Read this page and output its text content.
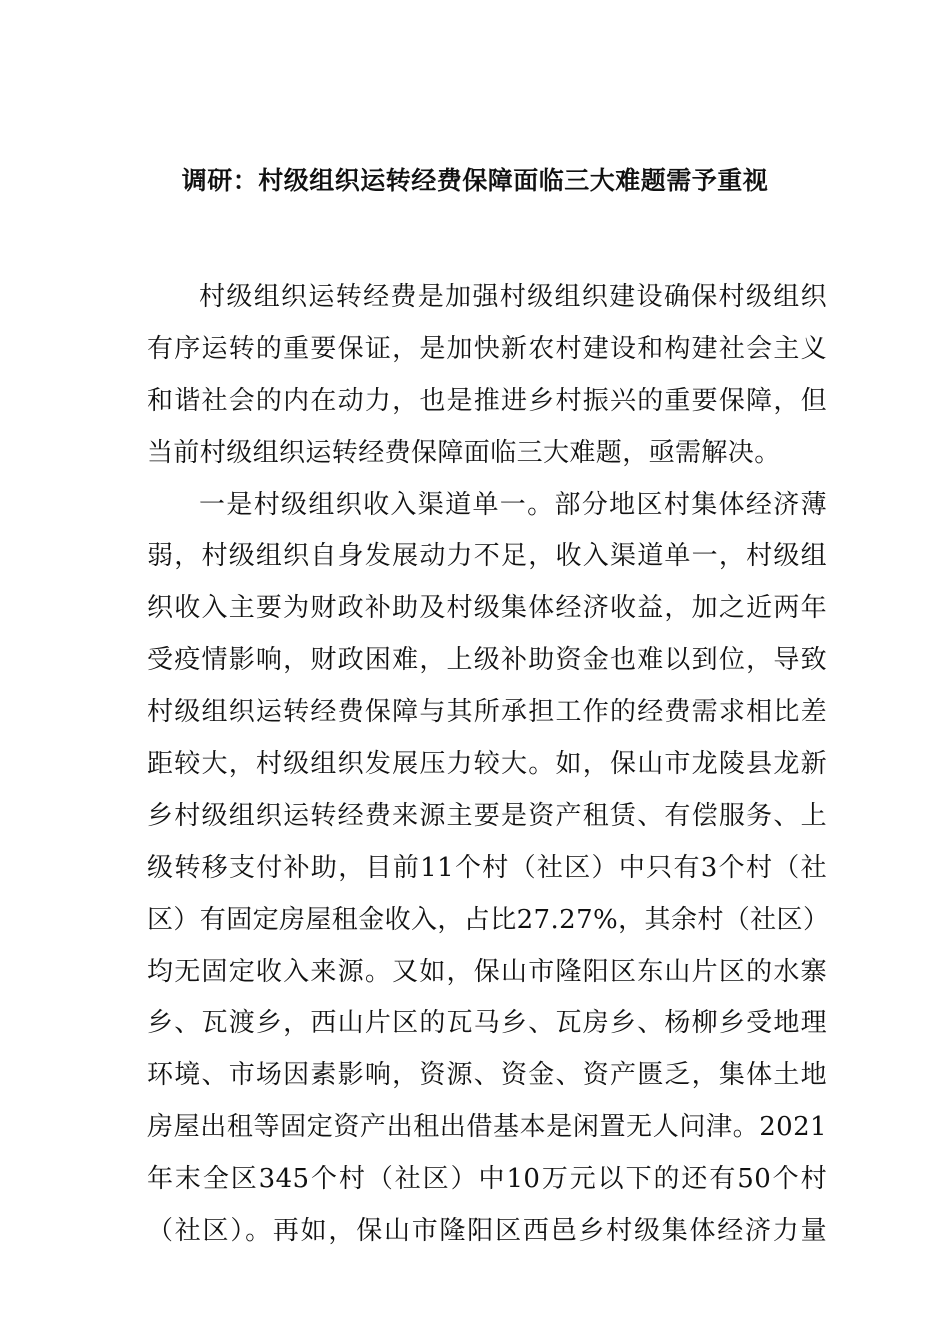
调研：村级组织运转经费保障面临三大难题需予重视
村级组织运转经费是加强村级组织建设确保村级组织
有序运转的重要保证，是加快新农村建设和构建社会主义
和谐社会的内在动力，也是推进乡村振兴的重要保障，但
当前村级组织运转经费保障面临三大难题，亟需解决。
一是村级组织收入渠道单一。部分地区村集体经济薄
弱，村级组织自身发展动力不足，收入渠道单一，村级组
织收入主要为财政补助及村级集体经济收益，加之近两年
受疫情影响，财政困难，上级补助资金也难以到位，导致
村级组织运转经费保障与其所承担工作的经费需求相比差
距较大，村级组织发展压力较大。如，保山市龙陵县龙新
乡村级组织运转经费来源主要是资产租赁、有偿服务、上
级转移支付补助，目前11个村（社区）中只有3个村（社
区）有固定房屋租金收入，占比27.27%，其余村（社区）
均无固定收入来源。又如，保山市隆阳区东山片区的水寨
乡、瓦渡乡，西山片区的瓦马乡、瓦房乡、杨柳乡受地理
环境、市场因素影响，资源、资金、资产匮乏，集体土地
房屋出租等固定资产出租出借基本是闲置无人问津。2021
年末全区345个村（社区）中10万元以下的还有50个村
（社区）。再如，保山市隆阳区西邑乡村级集体经济力量
